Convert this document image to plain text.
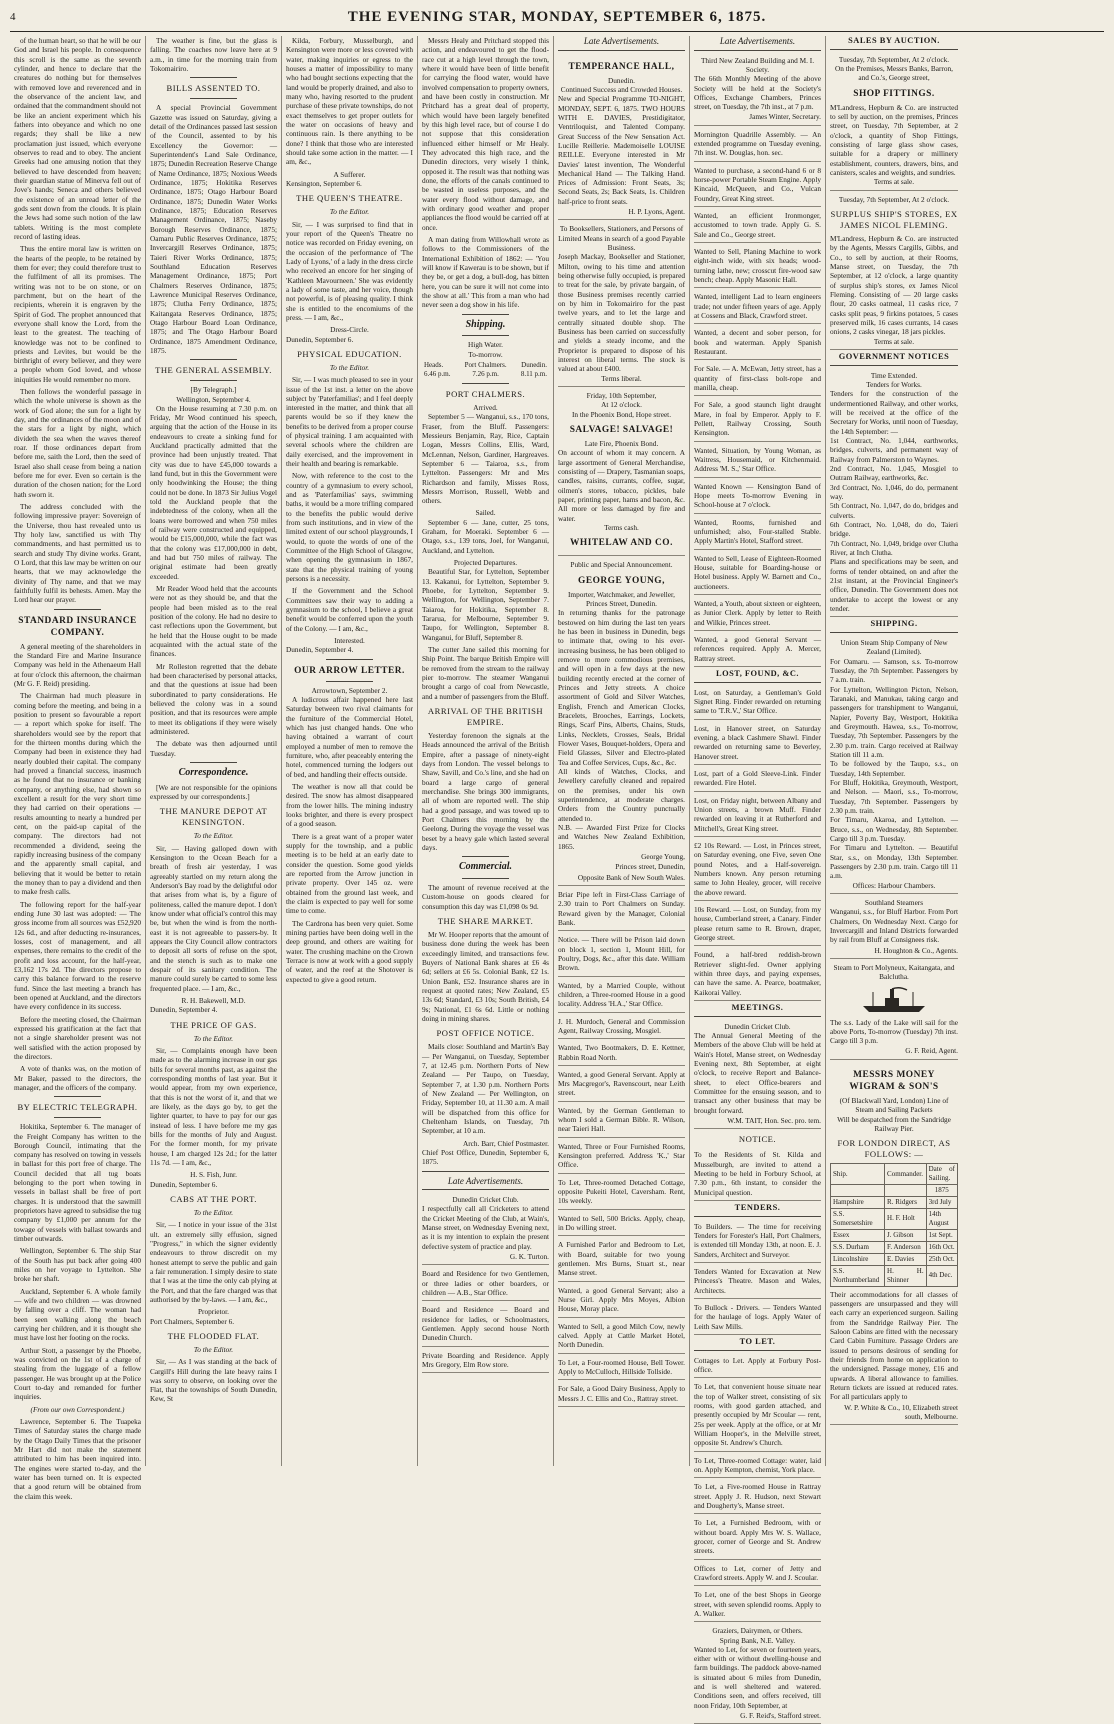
4	THE EVENING STAR, MONDAY, SEPTEMBER 6, 1875.

of the human heart, so that he will be our God and Israel his people. In consequence this scroll is the same as the seventh cylinder, and hence to declare that the creatures do nothing but for themselves with removed love and reverenced and in the observance of the ancient law, and ordained that the commandment should not be like an ancient experiment which his fathers into obeyance and which no one regards; they shall be like a new proclamation just issued, which everyone observes to read and to obey. The ancient Greeks had one amusing notion that they believed to have descended from heaven; their guardian statue of Minerva fell out of Jove's hands; Seneca and others believed the existence of an unread letter of the gods sent down from the clouds. It is plain the Jews had some such notion of the law tablets. Writing is the most complete record of lasting ideas.

Thus the entire moral law is written on the hearts of the people, to be retained by them for ever; they could therefore trust to the fulfilment of all its promises. The writing was not to be on stone, or on parchment, but on the heart of the recipients, wherein it is engraven by the Spirit of God. The prophet announced that everyone shall know the Lord, from the least to the greatest. The teaching of knowledge was not to be confined to priests and Levites, but would be the birthright of every believer, and they were a people whom God loved, and whose iniquities He would remember no more.

Then follows the wonderful passage in which the whole universe is shown as the work of God alone; the sun for a light by day, and the ordinances of the moon and of the stars for a light by night, which divideth the sea when the waves thereof roar. If those ordinances depart from before me, saith the Lord, then the seed of Israel also shall cease from being a nation before me for ever. Even so certain is the duration of the chosen nation; for the Lord hath sworn it.

The address concluded with the following impressive prayer: Sovereign of the Universe, thou hast revealed unto us Thy holy law, sanctified us with Thy commandments, and hast permitted us to search and study Thy divine works. Grant, O Lord, that this law may be written on our hearts, that we may acknowledge the divinity of Thy name, and that we may faithfully fulfil its behests. Amen. May the Lord hear our prayer.

STANDARD INSURANCE COMPANY.

A general meeting of the shareholders in the Standard Fire and Marine Insurance Company was held in the Athenaeum Hall at four o'clock this afternoon, the chairman (Mr G. F. Reid) presiding.

The Chairman had much pleasure in coming before the meeting, and being in a position to present so favourable a report — a report which spoke for itself. The shareholders would see by the report that for the thirteen months during which the Company had been in existence they had nearly doubled their capital. The company had proved a financial success, inasmuch as he found that no insurance or banking company, or anything else, had shown so excellent a result for the very short time they had carried on their operations — results amounting to nearly a hundred per cent, on the paid-up capital of the company. The directors had not recommended a dividend, seeing the rapidly increasing business of the company and the apparently small capital, and believing that it would be better to retain the money than to pay a dividend and then to make fresh calls.

The following report for the half-year ending June 30 last was adopted: — The gross income from all sources was £52,920 12s 6d., and after deducting re-insurances, losses, cost of management, and all expenses, there remains to the credit of the profit and loss account, for the half-year, £3,162 17s 2d. The directors propose to carry this balance forward to the reserve fund. Since the last meeting a branch has been opened at Auckland, and the directors have every confidence in its success.

Before the meeting closed, the Chairman expressed his gratification at the fact that not a single shareholder present was not well satisfied with the action proposed by the directors.

A vote of thanks was, on the motion of Mr Baker, passed to the directors, the manager, and the officers of the company.

BY ELECTRIC TELEGRAPH.

Hokitika, September 6. The manager of the Freight Company has written to the Borough Council, intimating that the company has resolved on towing in vessels in ballast for this port free of charge. The Council decided that all tug boats belonging to the port when towing in vessels in ballast shall be free of port charges. It is understood that the sawmill proprietors have agreed to subsidise the tug company by £1,000 per annum for the towage of vessels with ballast towards and timber outwards.

Wellington, September 6. The ship Star of the South has put back after going 400 miles on her voyage to Lyttelton. She broke her shaft.

Auckland, September 6. A whole family — wife and two children — was drowned by falling over a cliff. The woman had been seen walking along the beach carrying her children, and it is thought she must have lost her footing on the rocks.

Arthur Stott, a passenger by the Phoebe, was convicted on the 1st of a charge of stealing from the luggage of a fellow passenger. He was brought up at the Police Court to-day and remanded for further inquiries.

(From our own Correspondent.)

Lawrence, September 6. The Tuapeka Times of Saturday states the charge made by the Otago Daily Times that the prisoner Mr Hart did not make the statement attributed to him has been inquired into. The engines were started to-day, and the water has been turned on. It is expected that a good return will be obtained from the claim this week.

The weather is fine, but the glass is falling. The coaches now leave here at 9 a.m., in time for the morning train from Tokomairiro.

BILLS ASSENTED TO.

A special Provincial Government Gazette was issued on Saturday, giving a detail of the Ordinances passed last session of the Council, assented to by his Excellency the Governor: — Superintendent's Land Sale Ordinance, 1875; Dunedin Recreation Reserve Change of Name Ordinance, 1875; Noxious Weeds Ordinance, 1875; Hokitika Reserves Ordinance, 1875; Otago Harbour Board Ordinance, 1875; Dunedin Water Works Ordinance, 1875; Education Reserves Management Ordinance, 1875; Naseby Borough Reserves Ordinance, 1875; Oamaru Public Reserves Ordinance, 1875; Invercargill Reserves Ordinance, 1875; Taieri River Works Ordinance, 1875; Southland Education Reserves Management Ordinance, 1875; Port Chalmers Reserves Ordinance, 1875; Lawrence Municipal Reserves Ordinance, 1875; Clutha Ferry Ordinance, 1875; Kaitangata Reserves Ordinance, 1875; Otago Harbour Board Loan Ordinance, 1875; and The Otago Harbour Board Ordinance, 1875 Amendment Ordinance, 1875.

THE GENERAL ASSEMBLY.
[By Telegraph.]
Wellington, September 4.

On the House resuming at 7.30 p.m. on Friday, Mr Wood continued his speech, arguing that the action of the House in its endeavours to create a sinking fund for Auckland practically admitted that the province had been unjustly treated. That city was due to have £45,000 towards a land fund, but in this the Government were only hoodwinking the House; the thing could not be done. In 1873 Sir Julius Vogel told the Auckland people that the indebtedness of the colony, when all the loans were borrowed and when 750 miles of railway were constructed and equipped, would be £15,000,000, while the fact was that the colony was £17,000,000 in debt, and had but 750 miles of railway. The original estimate had been greatly exceeded.

Mr Reader Wood held that the accounts were not as they should be, and that the people had been misled as to the real position of the colony. He had no desire to cast reflections upon the Government, but he held that the House ought to be made acquainted with the actual state of the finances.

Mr Rolleston regretted that the debate had been characterised by personal attacks, and that the questions at issue had been subordinated to party considerations. He believed the colony was in a sound position, and that its resources were ample to meet its obligations if they were wisely administered.

The debate was then adjourned until Tuesday.

Correspondence.

[We are not responsible for the opinions expressed by our correspondents.]

THE MANURE DEPOT AT KENSINGTON.
To the Editor.

Sir, — Having galloped down with Kensington to the Ocean Beach for a breath of fresh air yesterday, I was agreeably startled on my return along the Anderson's Bay road by the delightful odor that arises from what is, by a figure of politeness, called the manure depot. I don't know under what official's control this may be, but when the wind is from the north-east it is not agreeable to passers-by. It appears the City Council allow contractors to deposit all sorts of refuse on the spot, and the stench is such as to make one despair of its sanitary condition. The manure could surely be carted to some less frequented place. — I am, &c.,

R. H. Bakewell, M.D.
Dunedin, September 4.
THE PRICE OF GAS.
To the Editor.

Sir, — Complaints enough have been made as to the alarming increase in our gas bills for several months past, as against the corresponding months of last year. But it would appear, from my own experience, that this is not the worst of it, and that we are likely, as the days go by, to get the lighter quarter, to have to pay for our gas instead of less. I have before me my gas bills for the months of July and August. For the former month, for my private house, I am charged 12s 2d.; for the latter 11s 7d. — I am, &c.,

H. S. Fish, Junr.
Dunedin, September 6.
CABS AT THE PORT.
To the Editor.

Sir, — I notice in your issue of the 31st ult. an extremely silly effusion, signed "Progress," in which the signer evidently endeavours to throw discredit on my honest attempt to serve the public and gain a fair remuneration. I simply desire to state that I was at the time the only cab plying at the Port, and that the fare charged was that authorised by the by-laws. — I am, &c.,

Proprietor.
Port Chalmers, September 6.
THE FLOODED FLAT.
To the Editor.

Sir, — As I was standing at the back of Cargill's Hill during the late heavy rains I was sorry to observe, on looking over the Flat, that the townships of South Dunedin, Kew, St

Kilda, Forbury, Musselburgh, and Kensington were more or less covered with water, making inquiries or egress to the houses a matter of impossibility to many who had bought sections expecting that the land would be properly drained, and also to many who, having resorted to the prudent purchase of these private townships, do not exact themselves to get proper outlets for the water on occasions of heavy and continuous rain. Is there anything to be done? I think that those who are interested should take some action in the matter. — I am, &c.,

A Sufferer.
Kensington, September 6.
THE QUEEN'S THEATRE.
To the Editor.

Sir, — I was surprised to find that in your report of the Queen's Theatre no notice was recorded on Friday evening, on the occasion of the performance of 'The Lady of Lyons,' of a lady in the dress circle who received an encore for her singing of 'Kathleen Mavourneen.' She was evidently a lady of some taste, and her voice, though not powerful, is of pleasing quality. I think she is entitled to the encomiums of the press. — I am, &c.,

Dress-Circle.
Dunedin, September 6.
PHYSICAL EDUCATION.
To the Editor.

Sir, — I was much pleased to see in your issue of the 1st inst. a letter on the above subject by 'Paterfamilias'; and I feel deeply interested in the matter, and think that all parents would be so if they knew the benefits to be derived from a proper course of physical training. I am acquainted with several schools where the children are daily exercised, and the improvement in their health and bearing is remarkable.

Now, with reference to the cost to the country of a gymnasium to every school, and as 'Paterfamilias' says, swimming baths, it would be a more trifling compared to the benefits the public would derive from such institutions, and in view of the limited extent of our school playgrounds, I would, to quote the words of one of the Committee of the High School of Glasgow, when opening the gymnasium in 1867, state that the physical training of young persons is a necessity.

If the Government and the School Committees saw their way to adding a gymnasium to the school, I believe a great benefit would be conferred upon the youth of the Colony. — I am, &c.,

Interested.
Dunedin, September 4.
OUR ARROW LETTER.
Arrowtown, September 2.

A ludicrous affair happened here last Saturday between two rival claimants for the furniture of the Commercial Hotel, which has just changed hands. One who having obtained a warrant of court employed a number of men to remove the furniture, who, after peaceably entering the hotel, commenced turning the lodgers out of bed, and handling their effects outside.

The weather is now all that could be desired. The snow has almost disappeared from the lower hills. The mining industry looks brighter, and there is every prospect of a good season.

There is a great want of a proper water supply for the township, and a public meeting is to be held at an early date to consider the question. Some good yields are reported from the Arrow junction in private property. Over 145 oz. were obtained from the ground last week, and the claim is expected to pay well for some time to come.

The Cardrona has been very quiet. Some mining parties have been doing well in the deep ground, and others are waiting for water. The crushing machine on the Crown Terrace is now at work with a good supply of water, and the reef at the Shotover is expected to give a good return.

Messrs Healy and Pritchard stopped this action, and endeavoured to get the flood-race cut at a high level through the town, where it would have been of little benefit for carrying the flood water, would have involved compensation to property owners, and have been costly in construction. Mr Pritchard has a great deal of property, which would have been largely benefited by this high level race, but of course I do not suppose that this consideration influenced either himself or Mr Healy. They advocated this high race, and the Dunedin directors, very wisely I think, opposed it. The result was that nothing was done, the efforts of the canals continued to be wasted in useless purposes, and the water every flood without damage, and with ordinary good weather and proper appliances the flood would be carried off at once.

A man dating from Willowhall wrote as follows to the Commissioners of the International Exhibition of 1862: — 'You will know if Kawerau is to be shown, but if they be, or get a dog, a bull-dog, has bitten here, you can be sure it will not come into the show at all.' This from a man who had never seen a dog show in his life.

Shipping.
High Water.
To-morrow.
Heads.	Port Chalmers.	Dunedin.
6.46 p.m.	7.26 p.m.	8.11 p.m.
PORT CHALMERS.
Arrived.

September 5 — Wanganui, s.s., 170 tons, Fraser, from the Bluff. Passengers: Messieurs Benjamin, Ray, Rice, Captain Logan, Messrs Collins, Ellis, Ward, McLennan, Nelson, Gardiner, Hargreaves. September 6 — Taiaroa, s.s., from Lyttelton. Passengers: Mr and Mrs Richardson and family, Misses Ross, Messrs Morrison, Russell, Webb and others.

Sailed.

September 6 — Jane, cutter, 25 tons, Graham, for Moeraki. September 6 — Otago, s.s., 139 tons, Joel, for Wanganui, Auckland, and Lyttelton.

Projected Departures.

Beautiful Star, for Lyttelton, September 13. Kakanui, for Lyttelton, September 9. Phoebe, for Lyttelton, September 9. Wellington, for Wellington, September 7. Taiaroa, for Hokitika, September 8. Tararua, for Melbourne, September 9. Taupo, for Wellington, September 8. Wanganui, for Bluff, September 8.

The cutter Jane sailed this morning for Ship Point. The barque British Empire will be removed from the stream to the railway pier to-morrow. The steamer Wanganui brought a cargo of coal from Newcastle, and a number of passengers from the Bluff.

ARRIVAL OF THE BRITISH EMPIRE.

Yesterday forenoon the signals at the Heads announced the arrival of the British Empire, after a passage of ninety-eight days from London. The vessel belongs to Shaw, Savill, and Co.'s line, and she had on board a large cargo of general merchandise. She brings 300 immigrants, all of whom are reported well. The ship had a good passage, and was towed up to Port Chalmers this morning by the Geelong. During the voyage the vessel was beset by a heavy gale which lasted several days.

Commercial.

The amount of revenue received at the Custom-house on goods cleared for consumption this day was £1,098 0s 9d.

THE SHARE MARKET.

Mr W. Hooper reports that the amount of business done during the week has been exceedingly limited, and transactions few. Buyers of National Bank shares at £6 4s 6d; sellers at £6 5s. Colonial Bank, £2 1s. Union Bank, £52. Insurance shares are in request at quoted rates; New Zealand, £5 13s 6d; Standard, £3 10s; South British, £4 9s; National, £1 6s 6d. Little or nothing doing in mining shares.

POST OFFICE NOTICE.

Mails close: Southland and Martin's Bay — Per Wanganui, on Tuesday, September 7, at 12.45 p.m. Northern Ports of New Zealand — Per Taupo, on Tuesday, September 7, at 1.30 p.m. Northern Ports of New Zealand — Per Wellington, on Friday, September 10, at 11.30 a.m. A mail will be dispatched from this office for Cheltenham Islands, on Tuesday, 7th September, at 10 a.m.

Arch. Barr, Chief Postmaster.
Chief Post Office, Dunedin, September 6, 1875.
Late Advertisements.
Dunedin Cricket Club.
I respectfully call all Cricketers to attend the Cricket Meeting of the Club, at Wain's, Manse street, on Wednesday Evening next, as it is my intention to explain the present defective system of practice and play.
G. K. Turton.
Board and Residence for two Gentlemen, or three ladies or other boarders, or children — A.B., Star Office.
Board and Residence — Board and residence for ladies, or Schoolmasters, Gentlemen. Apply second house North Dunedin Church.
Private Boarding and Residence. Apply Mrs Gregory, Elm Row store.
Late Advertisements.
TEMPERANCE HALL,
Dunedin.
Continued Success and Crowded Houses.
New and Special Programme TO-NIGHT, MONDAY, SEPT. 6, 1875. TWO HOURS WITH E. DAVIES, Prestidigitator, Ventriloquist, and Talented Company. Great Success of the New Sensation Act. Lucille Reillerie. Mademoiselle LOUISE REILLE. Everyone interested in Mr Davies' latest invention, The Wonderful Mechanical Hand — The Talking Hand. Prices of Admission: Front Seats, 3s; Second Seats, 2s; Back Seats, 1s. Children half-price to front seats.
H. P. Lyons, Agent.
To Booksellers, Stationers, and Persons of Limited Means in search of a good Payable Business.
Joseph Mackay, Bookseller and Stationer, Milton, owing to his time and attention being otherwise fully occupied, is prepared to treat for the sale, by private bargain, of those Business premises recently carried on by him in Tokomairiro for the past twelve years, and to let the large and centrally situated double shop. The Business has been carried on successfully and yields a steady income, and the Proprietor is prepared to dispose of his interest on liberal terms. The stock is valued at about £400.
Terms liberal.
Friday, 10th September,
At 12 o'clock.
In the Phoenix Bond, Hope street.
SALVAGE! SALVAGE!
Late Fire, Phoenix Bond.
On account of whom it may concern. A large assortment of General Merchandise, consisting of — Drapery, Tasmanian soaps, candles, raisins, currants, coffee, sugar, oilmen's stores, tobacco, pickles, bale paper, printing paper, hams and bacon, &c. All more or less damaged by fire and water.
Terms cash.
WHITELAW AND CO.
Public and Special Announcement.
GEORGE YOUNG,
Importer, Watchmaker, and Jeweller,
Princes Street, Dunedin.
In returning thanks for the patronage bestowed on him during the last ten years he has been in business in Dunedin, begs to intimate that, owing to his ever-increasing business, he has been obliged to remove to more commodious premises, and will open in a few days at the new building recently erected at the corner of Princes and Jetty streets. A choice assortment of Gold and Silver Watches, English, French and American Clocks, Bracelets, Brooches, Earrings, Lockets, Rings, Scarf Pins, Alberts, Chains, Studs, Links, Necklets, Crosses, Seals, Bridal Flower Vases, Bouquet-holders, Opera and Field Glasses, Silver and Electro-plated Tea and Coffee Services, Cups, &c., &c.
All kinds of Watches, Clocks, and Jewellery carefully cleaned and repaired on the premises, under his own superintendence, at moderate charges. Orders from the Country punctually attended to.
N.B. — Awarded First Prize for Clocks and Watches New Zealand Exhibition, 1865.
George Young,
Princes street, Dunedin,
Opposite Bank of New South Wales.
Briar Pipe left in First-Class Carriage of 2.30 train to Port Chalmers on Sunday. Reward given by the Manager, Colonial Bank.
Notice. — There will be Prison laid down on block 1, section 1, Mount Hill, for Poultry, Dogs, &c., after this date. William Brown.
Wanted, by a Married Couple, without children, a Three-roomed House in a good locality. Address 'H.A.,' Star Office.
J. H. Murdoch, General and Commission Agent, Railway Crossing, Mosgiel.
Wanted, Two Bootmakers, D. E. Kettner, Rabbin Road North.
Wanted, a good General Servant. Apply at Mrs Macgregor's, Ravenscourt, near Leith street.
Wanted, by the German Gentleman to whom I sold a German Bible. R. Wilson, near Taieri Hall.
Wanted, Three or Four Furnished Rooms, Kensington preferred. Address 'K.,' Star Office.
To Let, Three-roomed Detached Cottage, opposite Pukeiti Hotel, Caversham. Rent, 10s weekly.
Wanted to Sell, 500 Bricks. Apply, cheap, in Do willing street.
A Furnished Parlor and Bedroom to Let, with Board, suitable for two young gentlemen. Mrs Burns, Stuart st., near Manse street.
Wanted, a good General Servant; also a Nurse Girl. Apply Mrs Moyes, Albion House, Moray place.
Wanted to Sell, a good Milch Cow, newly calved. Apply at Cattle Market Hotel, North Dunedin.
To Let, a Four-roomed House, Bell Tower. Apply to McCulloch, Hillside Tollside.
For Sale, a Good Dairy Business, Apply to Messrs J. C. Ellis and Co., Rattray street.
Late Advertisements.
Third New Zealand Building and M. I. Society.
The 66th Monthly Meeting of the above Society will be held at the Society's Offices, Exchange Chambers, Princes street, on Tuesday, the 7th inst., at 7 p.m.
James Winter, Secretary.
Mornington Quadrille Assembly. — An extended programme on Tuesday evening, 7th inst. W. Douglas, hon. sec.
Wanted to purchase, a second-hand 6 or 8 horse-power Portable Steam Engine. Apply Kincaid, McQueen, and Co., Vulcan Foundry, Great King street.
Wanted, an efficient Ironmonger, accustomed to town trade. Apply G. S. Sale and Co., George street.
Wanted to Sell, Planing Machine to work eight-inch wide, with six heads; wood-turning lathe, new; crosscut fire-wood saw bench; cheap. Apply Masonic Hall.
Wanted, intelligent Lad to learn engineers trade; not under fifteen years of age. Apply at Cossens and Black, Crawford street.
Wanted, a decent and sober person, for book and waterman. Apply Spanish Restaurant.
For Sale. — A. McEwan, Jetty street, has a quantity of first-class bolt-rope and manilla, cheap.
For Sale, a good staunch light draught Mare, in foal by Emperor. Apply to F. Pellett, Railway Crossing, South Kensington.
Wanted, Situation, by Young Woman, as Waitress, Housemaid, or Kitchenmaid. Address 'M. S.,' Star Office.
Wanted Known — Kensington Band of Hope meets To-morrow Evening in School-house at 7 o'clock.
Wanted, Rooms, furnished and unfurnished; also, Four-stalled Stable. Apply Martin's Hotel, Stafford street.
Wanted to Sell, Lease of Eighteen-Roomed House, suitable for Boarding-house or Hotel business. Apply W. Barnett and Co., auctioneers.
Wanted, a Youth, about sixteen or eighteen, as Junior Clerk. Apply by letter to Reith and Wilkie, Princes street.
Wanted, a good General Servant — references required. Apply A. Mercer, Rattray street.
LOST, FOUND, &C.
Lost, on Saturday, a Gentleman's Gold Signet Ring. Finder rewarded on returning same to 'T.R.V.,' Star Office.
Lost, in Hanover street, on Saturday evening, a black Cashmere Shawl. Finder rewarded on returning same to Beverley, Hanover street.
Lost, part of a Gold Sleeve-Link. Finder rewarded. Fire Hotel.
Lost, on Friday night, between Albany and Union streets, a brown Muff. Finder rewarded on leaving it at Rutherford and Mitchell's, Great King street.
£2 10s Reward. — Lost, in Princes street, on Saturday evening, one Five, seven One pound Notes, and a Half-sovereign. Numbers known. Any person returning same to John Healey, grocer, will receive the above reward.
10s Reward. — Lost, on Sunday, from my house, Cumberland street, a Canary. Finder please return same to R. Brown, draper, George street.
Found, a half-bred reddish-brown Retriever slight-fed. Owner applying within three days, and paying expenses, can have the same. A. Pearce, boatmaker, Kaikorai Valley.
MEETINGS.
Dunedin Cricket Club.
The Annual General Meeting of the Members of the above Club will be held at Wain's Hotel, Manse street, on Wednesday Evening next, 8th September, at eight o'clock, to receive Report and Balance-sheet, to elect Office-bearers and Committee for the ensuing season, and to transact any other business that may be brought forward.
W.M. TAIT, Hon. Sec. pro. tem.
NOTICE.
To the Residents of St. Kilda and Musselburgh, are invited to attend a Meeting to be held in Forbury School, at 7.30 p.m., 6th instant, to consider the Municipal question.
TENDERS.
To Builders. — The time for receiving Tenders for Forester's Hall, Port Chalmers, is extended till Monday 13th, at noon. E. J. Sanders, Architect and Surveyor.
Tenders Wanted for Excavation at New Princess's Theatre. Mason and Wales, Architects.
To Bullock - Drivers. — Tenders Wanted for the haulage of logs. Apply Water of Leith Saw Mills.
TO LET.
Cottages to Let. Apply at Forbury Post-office.
To Let, that convenient house situate near the top of Walker street, consisting of six rooms, with good garden attached, and presently occupied by Mr Scoular — rent, 25s per week. Apply at the office, or at Mr William Hooper's, in the Melville street, opposite St. Andrew's Church.
To Let, Three-roomed Cottage: water, laid on. Apply Kempton, chemist, York place.
To Let, a Five-roomed House in Rattray street. Apply J. R. Hudson, next Stewart and Dougherty's, Manse street.
To Let, a Furnished Bedroom, with or without board. Apply Mrs W. S. Wallace, grocer, corner of George and St. Andrew streets.
Offices to Let, corner of Jetty and Crawford streets. Apply W. and J. Scoular.
To Let, one of the best Shops in George street, with seven splendid rooms. Apply to A. Walker.
Graziers, Dairymen, or Others.
Spring Bank, N.E. Valley.
Wanted to Let, for seven or fourteen years, either with or without dwelling-house and farm buildings. The paddock above-named is situated about 6 miles from Dunedin, and is well sheltered and watered. Conditions seen, and offers received, till noon Friday, 10th September, at
G. F. Reid's, Stafford street.
SALES BY AUCTION.
Tuesday, 7th September, At 2 o'clock.
On the Premises, Messrs Banks, Barron, and Co.'s, George street,
SHOP FITTINGS.
M'Landress, Hepburn & Co. are instructed to sell by auction, on the premises, Princes street, on Tuesday, 7th September, at 2 o'clock, a quantity of Shop Fittings, consisting of large glass show cases, suitable for a drapery or millinery establishment, counters, drawers, bins, and canisters, scales and weights, and sundries.
Terms at sale.
Tuesday, 7th September, At 2 o'clock.
SURPLUS SHIP'S STORES, EX JAMES NICOL FLEMING.
M'Landress, Hepburn & Co. are instructed by the Agents, Messrs Cargills, Gibbs, and Co., to sell by auction, at their Rooms, Manse street, on Tuesday, the 7th September, at 12 o'clock, a large quantity of surplus ship's stores, ex James Nicol Fleming. Consisting of — 20 large casks flour, 20 casks oatmeal, 11 casks rice, 7 casks split peas, 9 firkins potatoes, 5 cases preserved milk, 16 cases currants, 14 cases onions, 2 casks vinegar, 18 jars pickles.
Terms at sale.
GOVERNMENT NOTICES
Time Extended.
Tenders for Works.
Tenders for the construction of the undermentioned Railway, and other works, will be received at the office of the Secretary for Works, until noon of Tuesday, the 14th September: —
1st Contract, No. 1,044, earthworks, bridges, culverts, and permanent way of Railway from Palmerston to Waynes.
2nd Contract, No. 1,045, Mosgiel to Outram Railway, earthworks, &c.
3rd Contract, No. 1,046, do do, permanent way.
5th Contract, No. 1,047, do do, bridges and culverts.
6th Contract, No. 1,048, do do, Taieri bridge.
7th Contract, No. 1,049, bridge over Clutha River, at Inch Clutha.
Plans and specifications may be seen, and forms of tender obtained, on and after the 21st instant, at the Provincial Engineer's office, Dunedin. The Government does not undertake to accept the lowest or any tender.
SHIPPING.
Union Steam Ship Company of New Zealand (Limited).
For Oamaru. — Samson, s.s. To-morrow Tuesday, the 7th September. Passengers by 7 a.m. train.
For Lyttelton, Wellington Picton, Nelson, Taranaki, and Manukau, taking cargo and passengers for transhipment to Wanganui, Napier, Poverty Bay, Westport, Hokitika and Greymouth. Hawea, s.s., To-morrow, Tuesday, 7th September. Passengers by the 2.30 p.m. train. Cargo received at Railway Station till 11 a.m.
To be followed by the Taupo, s.s., on Tuesday, 14th September.
For Bluff, Hokitika, Greymouth, Westport, and Nelson. — Maori, s.s., To-morrow, Tuesday, 7th September. Passengers by 2.30 p.m. train.
For Timaru, Akaroa, and Lyttelton. — Bruce, s.s., on Wednesday, 8th September. Cargo till 3 p.m. Tuesday.
For Timaru and Lyttelton. — Beautiful Star, s.s., on Monday, 13th September. Passengers by 2.30 p.m. train. Cargo till 11 a.m.
Offices: Harbour Chambers.
Southland Steamers
Wanganui, s.s., for Bluff Harbor. From Port Chalmers, On Wednesday Next. Cargo for Invercargill and Inland Districts forwarded by rail from Bluff at Consignees risk.
H. Houghton & Co., Agents.
Steam to Port Molyneux, Kaitangata, and Balclutha.
The s.s. Lady of the Lake will sail for the above Ports, To-morrow (Tuesday) 7th inst. Cargo till 3 p.m.
G. F. Reid, Agent.
MESSRS MONEY WIGRAM & SON'S
(Of Blackwall Yard, London) Line of Steam and Sailing Packets
Will be despatched from the Sandridge Railway Pier.
FOR LONDON DIRECT, AS FOLLOWS: —
Ship.	Commander.	Date of Sailing.
		1875
Hampshire	R. Ridgers	3rd July
S.S. Somersetshire	H. F. Holt	14th August
Essex	J. Gibson	1st Sept.
S.S. Durham	F. Anderson	16th Oct.
Lincolnshire	E. Davies	25th Oct.
S.S. Northumberland	H. H. Shinner	4th Dec.
Their accommodations for all classes of passengers are unsurpassed and they will each carry an experienced surgeon. Sailing from the Sandridge Railway Pier. The Saloon Cabins are fitted with the necessary Card Cabin Furniture. Passage Orders are issued to persons desirous of sending for their friends from home on application to the undersigned. Passage money, £16 and upwards. A liberal allowance to families. Return tickets are issued at reduced rates. For all particulars apply to
W. P. White & Co., 10, Elizabeth street south, Melbourne.
